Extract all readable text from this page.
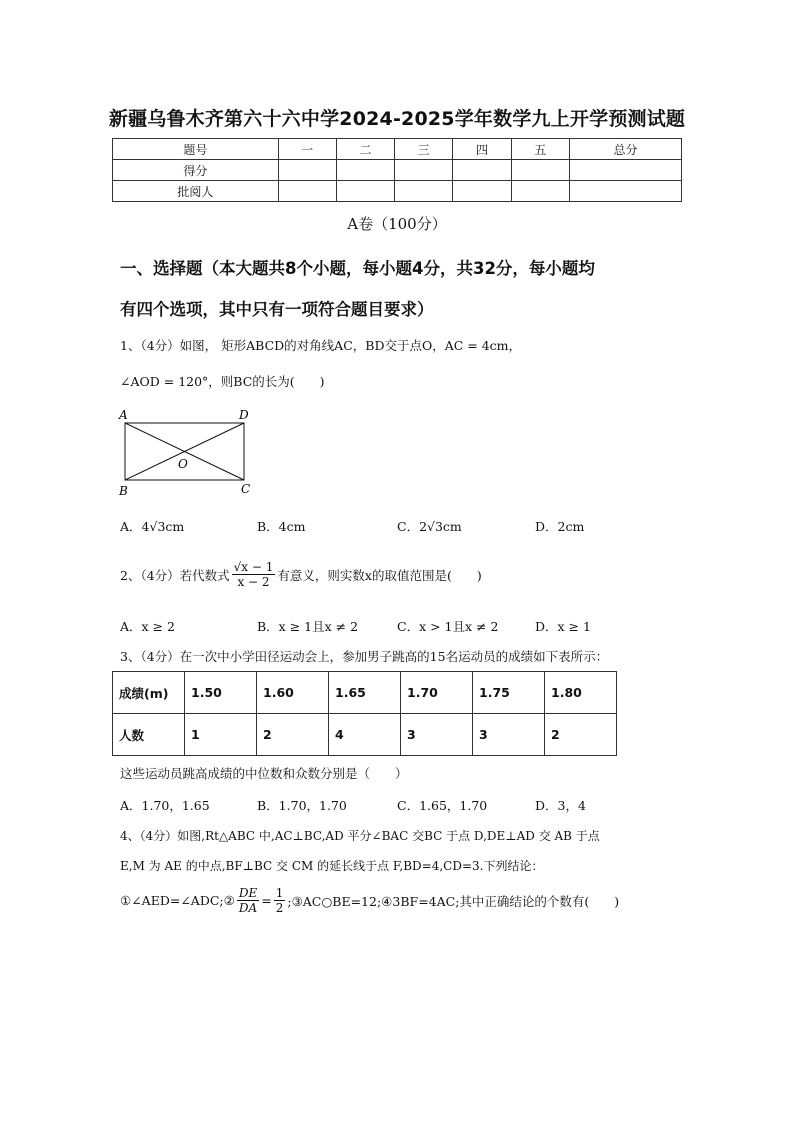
新疆乌鲁木齐第六十六中学2024-2025学年数学九上开学预测试题
题号	一	二	三	四	五	总分
得分						
批阅人						
A卷（100分）
一、选择题（本大题共8个小题，每小题4分，共32分，每小题均
有四个选项，其中只有一项符合题目要求）
1、（4分）如图， 矩形ABCD的对角线AC，BD交于点O，AC = 4cm，
∠AOD = 120°，则BC的长为(　　)
A	D
O
B	C
A．4√3cm	B．4cm	C．2√3cm	D．2cm
2、（4分）若代数式 $\frac{√x - 1}{x - 2}$ 有意义，则实数x的取值范围是(　　)
A．x ≥ 2	B．x ≥ 1且x ≠ 2	C．x > 1且x ≠ 2	D．x ≥ 1
3、（4分）在一次中小学田径运动会上，参加男子跳高的15名运动员的成绩如下表所示：
成绩(m)	1.50	1.60	1.65	1.70	1.75	1.80
人数	1	2	4	3	3	2
这些运动员跳高成绩的中位数和众数分别是（　　）
A．1.70，1.65	B．1.70，1.70	C．1.65，1.70	D．3，4
4、（4分）如图,Rt△ABC 中,AC⊥BC,AD 平分∠BAC 交BC 于点 D,DE⊥AD 交 AB 于点
E,M 为 AE 的中点,BF⊥BC 交 CM 的延长线于点 F,BD=4,CD=3.下列结论：
①∠AED=∠ADC;② $\frac{DE}{DA} = \frac{1}{2}$ ;③AC○BE=12;④3BF=4AC;其中正确结论的个数有(　　)
